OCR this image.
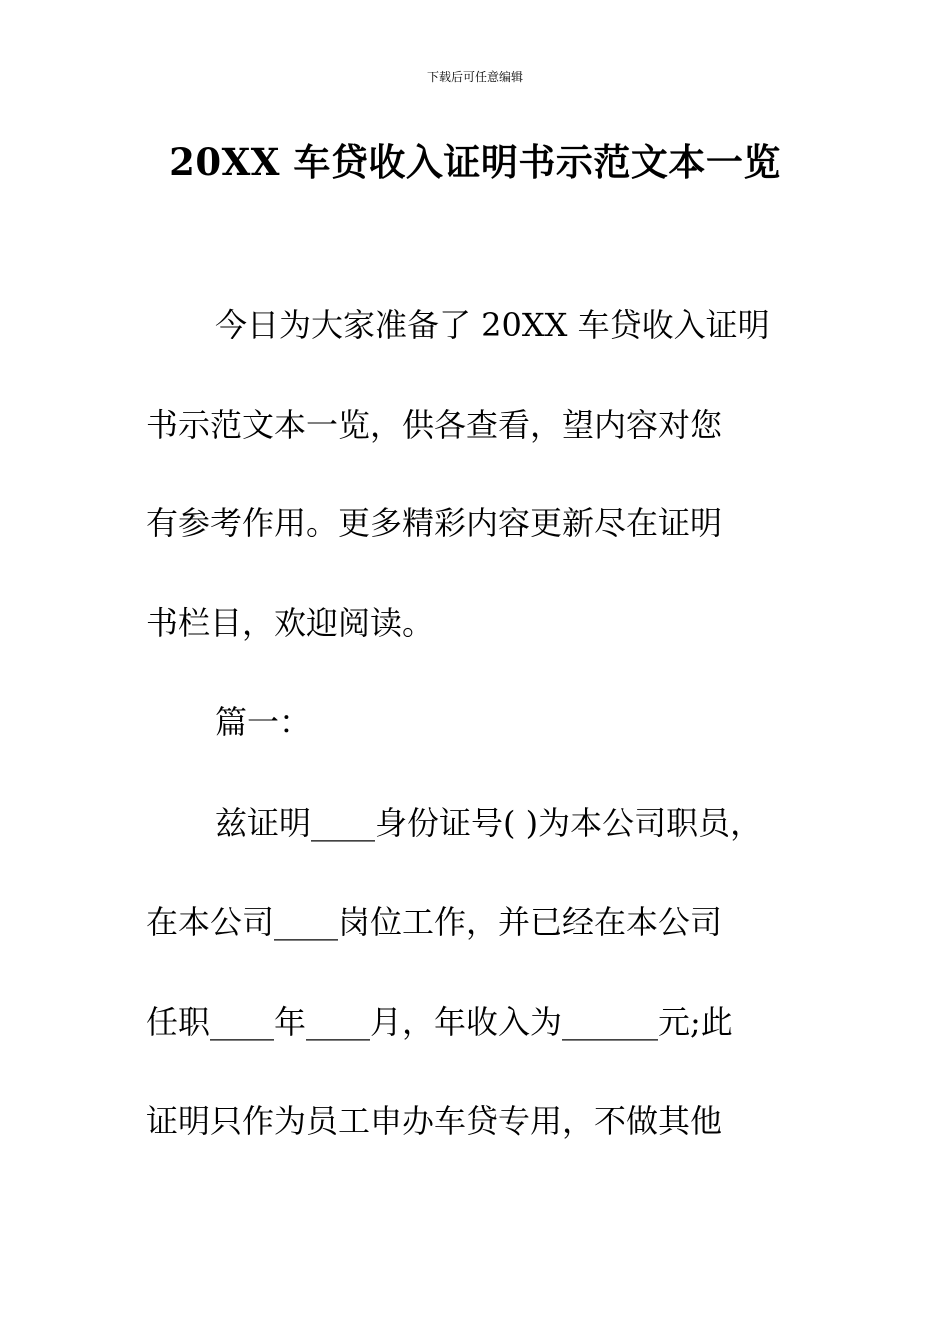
下载后可任意编辑
20XX 车贷收入证明书示范文本一览
今日为大家准备了 20XX 车贷收入证明
书示范文本一览，供各查看，望内容对您
有参考作用。更多精彩内容更新尽在证明
书栏目，欢迎阅读。
篇一：
兹证明____身份证号( )为本公司职员，
在本公司____岗位工作，并已经在本公司
任职____年____月，年收入为______元;此
证明只作为员工申办车贷专用，不做其他
